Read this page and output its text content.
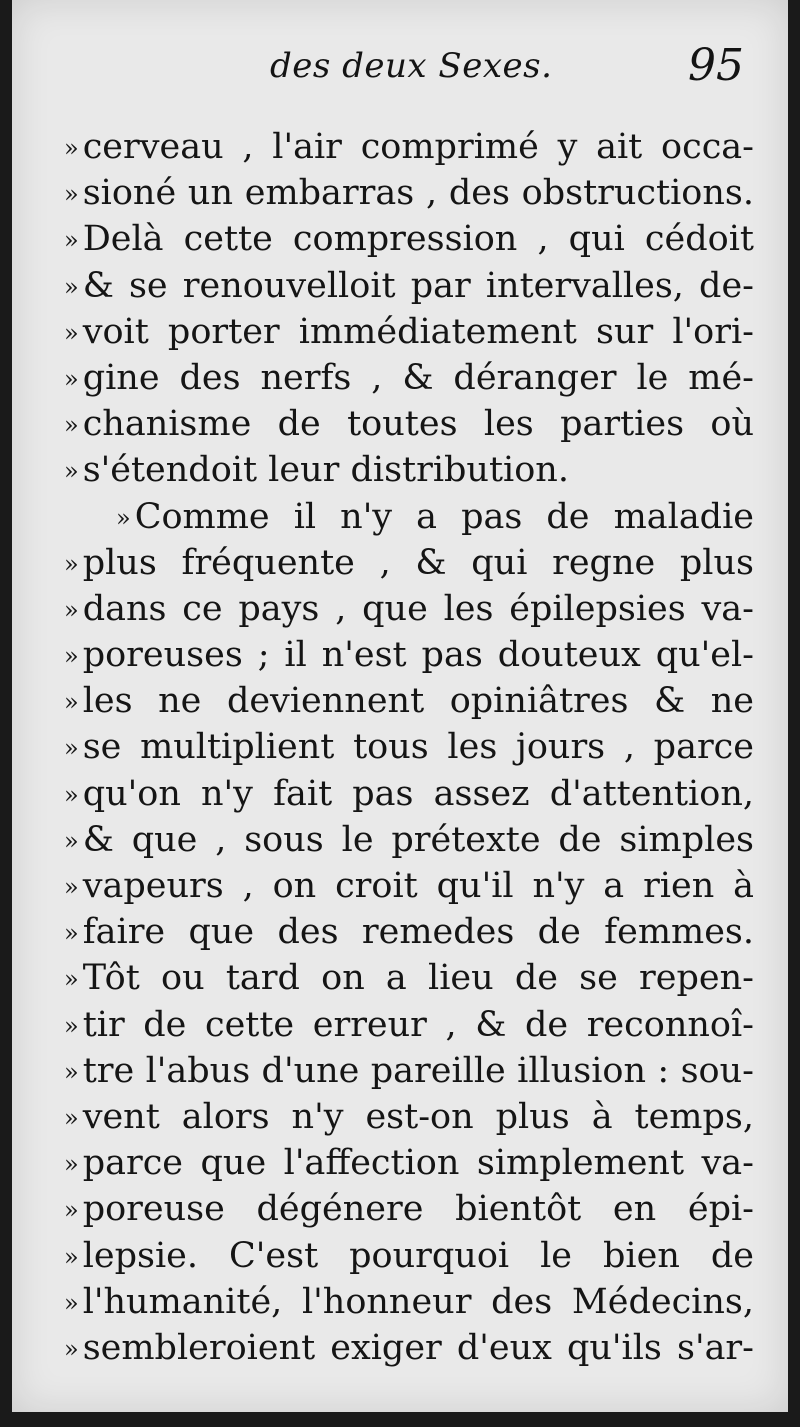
des deux Sexes.	95
» cerveau , l'air comprimé y ait occa-
» sioné un embarras , des obstructions.
» Delà cette compression , qui cédoit
» & se renouvelloit par intervalles, de-
» voit porter immédiatement sur l'ori-
» gine des nerfs , & déranger le mé-
» chanisme de toutes les parties où
» s'étendoit leur distribution.
» Comme il n'y a pas de maladie
» plus fréquente , & qui regne plus
» dans ce pays , que les épilepsies va-
» poreuses ; il n'est pas douteux qu'el-
» les ne deviennent opiniâtres & ne
» se multiplient tous les jours , parce
» qu'on n'y fait pas assez d'attention,
» & que , sous le prétexte de simples
» vapeurs , on croit qu'il n'y a rien à
» faire que des remedes de femmes.
» Tôt ou tard on a lieu de se repen-
» tir de cette erreur , & de reconnoî-
» tre l'abus d'une pareille illusion : sou-
» vent alors n'y est-on plus à temps,
» parce que l'affection simplement va-
» poreuse dégénere bientôt en épi-
» lepsie. C'est pourquoi le bien de
» l'humanité, l'honneur des Médecins,
» sembleroient exiger d'eux qu'ils s'ar-
